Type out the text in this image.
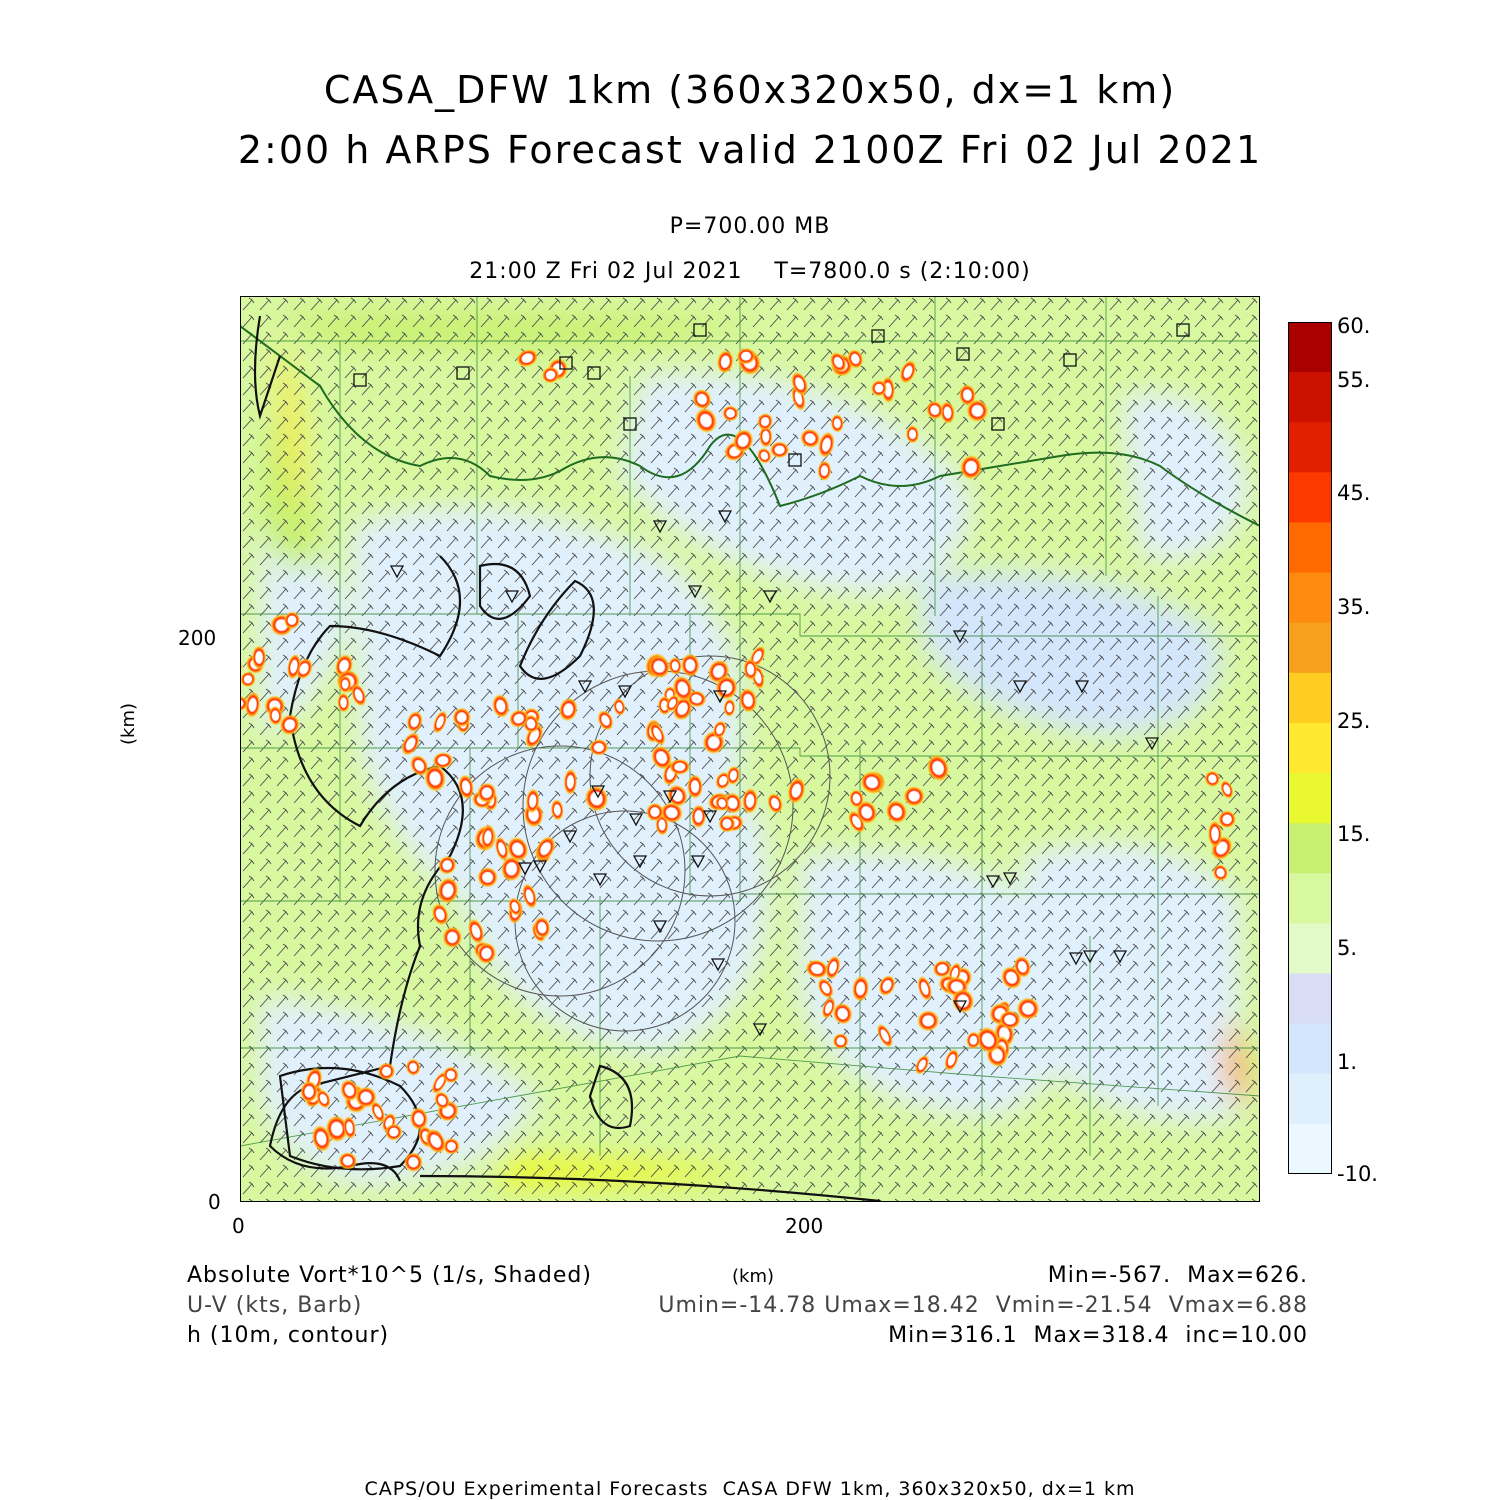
CASA_DFW 1km (360x320x50, dx=1 km)
2:00 h ARPS Forecast valid 2100Z Fri 02 Jul 2021
P=700.00 MB
21:00 Z Fri 02 Jul 2021    T=7800.0 s (2:10:00)
(km)
200
0
0	200
(km)
60.
55.
45.
35.
25.
15.
5.
1.
-10.
Absolute Vort*10^5 (1/s, Shaded)	Min=-567.  Max=626.
U-V (kts, Barb)	Umin=-14.78 Umax=18.42  Vmin=-21.54  Vmax=6.88
h (10m, contour)	Min=316.1  Max=318.4  inc=10.00
CAPS/OU Experimental Forecasts  CASA DFW 1km, 360x320x50, dx=1 km
